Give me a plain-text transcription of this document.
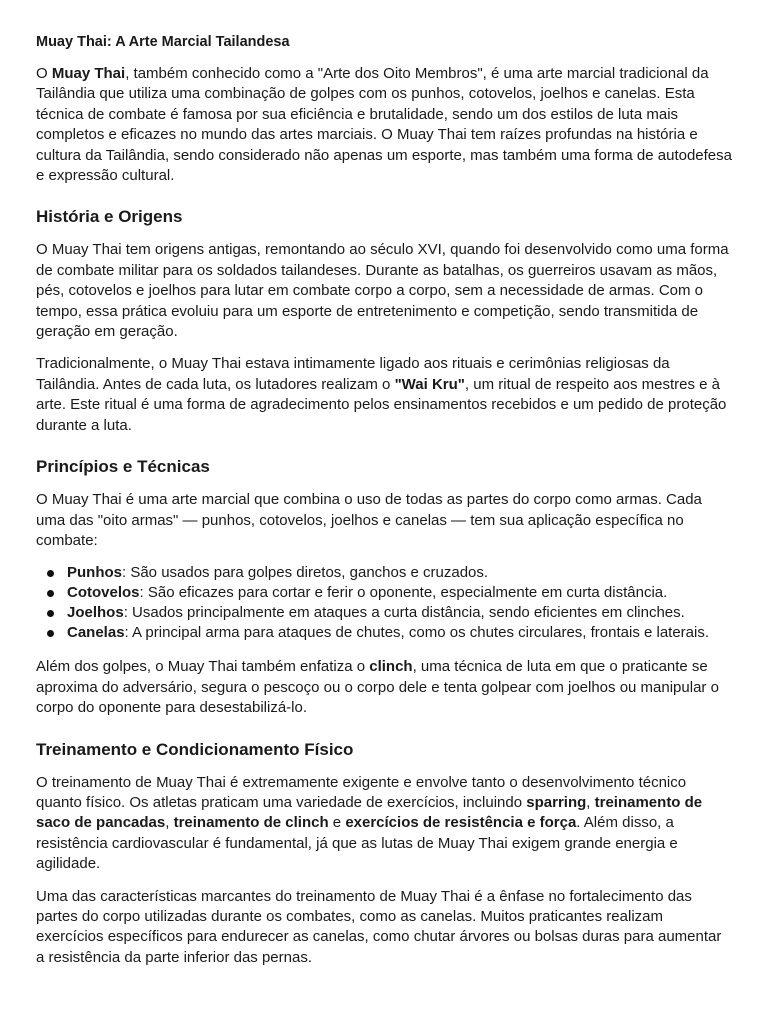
Muay Thai: A Arte Marcial Tailandesa

O Muay Thai, também conhecido como a "Arte dos Oito Membros", é uma arte marcial tradicional da Tailândia que utiliza uma combinação de golpes com os punhos, cotovelos, joelhos e canelas. Esta técnica de combate é famosa por sua eficiência e brutalidade, sendo um dos estilos de luta mais completos e eficazes no mundo das artes marciais. O Muay Thai tem raízes profundas na história e cultura da Tailândia, sendo considerado não apenas um esporte, mas também uma forma de autodefesa e expressão cultural.

História e Origens

O Muay Thai tem origens antigas, remontando ao século XVI, quando foi desenvolvido como uma forma de combate militar para os soldados tailandeses. Durante as batalhas, os guerreiros usavam as mãos, pés, cotovelos e joelhos para lutar em combate corpo a corpo, sem a necessidade de armas. Com o tempo, essa prática evoluiu para um esporte de entretenimento e competição, sendo transmitida de geração em geração.

Tradicionalmente, o Muay Thai estava intimamente ligado aos rituais e cerimônias religiosas da Tailândia. Antes de cada luta, os lutadores realizam o "Wai Kru", um ritual de respeito aos mestres e à arte. Este ritual é uma forma de agradecimento pelos ensinamentos recebidos e um pedido de proteção durante a luta.

Princípios e Técnicas

O Muay Thai é uma arte marcial que combina o uso de todas as partes do corpo como armas. Cada uma das "oito armas" — punhos, cotovelos, joelhos e canelas — tem sua aplicação específica no combate:

Punhos: São usados para golpes diretos, ganchos e cruzados.
Cotovelos: São eficazes para cortar e ferir o oponente, especialmente em curta distância.
Joelhos: Usados principalmente em ataques a curta distância, sendo eficientes em clinches.
Canelas: A principal arma para ataques de chutes, como os chutes circulares, frontais e laterais.

Além dos golpes, o Muay Thai também enfatiza o clinch, uma técnica de luta em que o praticante se aproxima do adversário, segura o pescoço ou o corpo dele e tenta golpear com joelhos ou manipular o corpo do oponente para desestabilizá-lo.

Treinamento e Condicionamento Físico

O treinamento de Muay Thai é extremamente exigente e envolve tanto o desenvolvimento técnico quanto físico. Os atletas praticam uma variedade de exercícios, incluindo sparring, treinamento de saco de pancadas, treinamento de clinch e exercícios de resistência e força. Além disso, a resistência cardiovascular é fundamental, já que as lutas de Muay Thai exigem grande energia e agilidade.

Uma das características marcantes do treinamento de Muay Thai é a ênfase no fortalecimento das partes do corpo utilizadas durante os combates, como as canelas. Muitos praticantes realizam exercícios específicos para endurecer as canelas, como chutar árvores ou bolsas duras para aumentar a resistência da parte inferior das pernas.
